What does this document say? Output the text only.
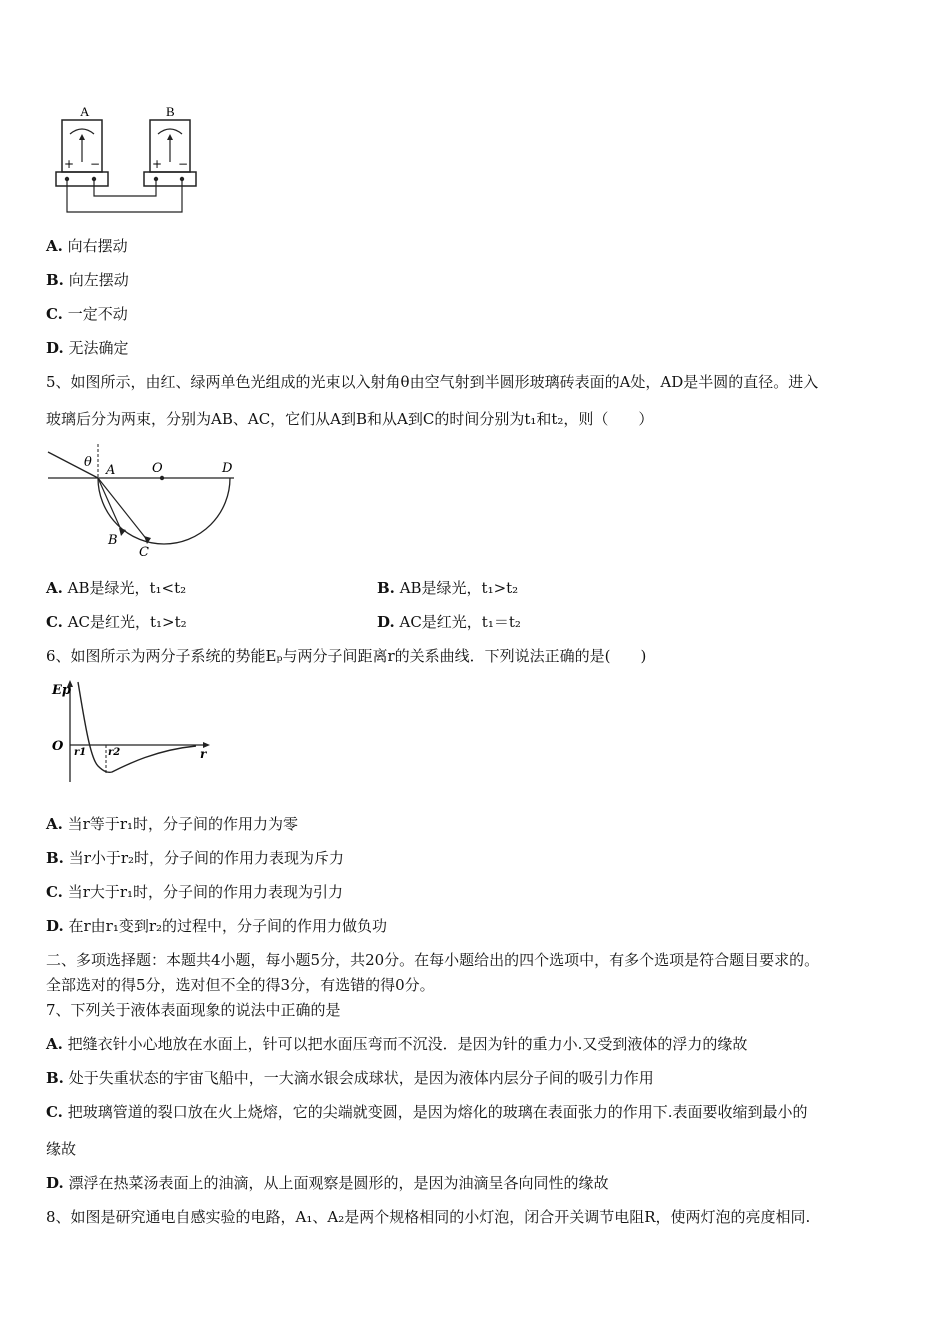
A	B
+ −	+ −
A. 向右摆动
B. 向左摆动
C. 一定不动
D. 无法确定
5、如图所示，由红、绿两单色光组成的光束以入射角θ由空气射到半圆形玻璃砖表面的A处，AD是半圆的直径。进入
玻璃后分为两束，分别为AB、AC，它们从A到B和从A到C的时间分别为t₁和t₂，则（　　）
θ
A	O	D
B
C
A. AB是绿光，t₁<t₂	B. AB是绿光，t₁>t₂
C. AC是红光，t₁>t₂	D. AC是红光，t₁＝t₂
6、如图所示为两分子系统的势能Eₚ与两分子间距离r的关系曲线．下列说法正确的是(　　)
Ep
O	r
r1 r2
A. 当r等于r₁时，分子间的作用力为零
B. 当r小于r₂时，分子间的作用力表现为斥力
C. 当r大于r₁时，分子间的作用力表现为引力
D. 在r由r₁变到r₂的过程中，分子间的作用力做负功
二、多项选择题：本题共4小题，每小题5分，共20分。在每小题给出的四个选项中，有多个选项是符合题目要求的。
全部选对的得5分，选对但不全的得3分，有选错的得0分。
7、下列关于液体表面现象的说法中正确的是
A. 把缝衣针小心地放在水面上，针可以把水面压弯而不沉没．是因为针的重力小.又受到液体的浮力的缘故
B. 处于失重状态的宇宙飞船中，一大滴水银会成球状，是因为液体内层分子间的吸引力作用
C. 把玻璃管道的裂口放在火上烧熔，它的尖端就变圆，是因为熔化的玻璃在表面张力的作用下.表面要收缩到最小的
缘故
D. 漂浮在热菜汤表面上的油滴，从上面观察是圆形的，是因为油滴呈各向同性的缘故
8、如图是研究通电自感实验的电路，A₁、A₂是两个规格相同的小灯泡，闭合开关调节电阻R，使两灯泡的亮度相同.
